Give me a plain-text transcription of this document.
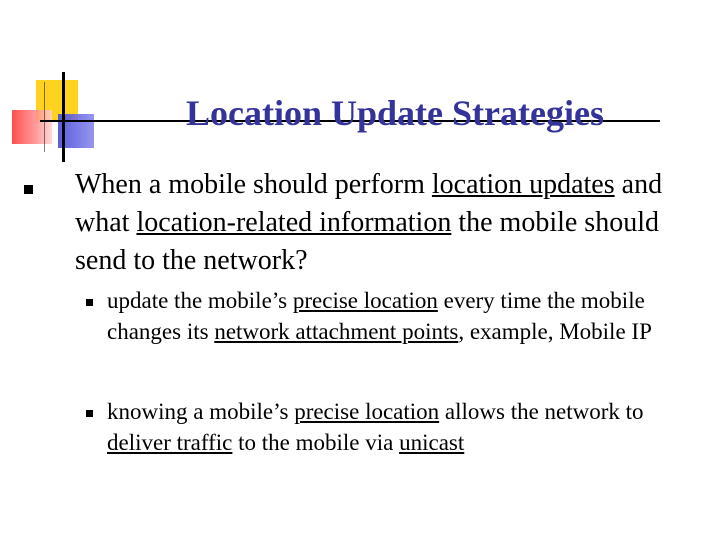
Location Update Strategies
When a mobile should perform location updates and what location-related information the mobile should send to the network?
update the mobile’s precise location every time the mobile changes its network attachment points, example, Mobile IP
knowing a mobile’s precise location allows the network to deliver traffic to the mobile via unicast
